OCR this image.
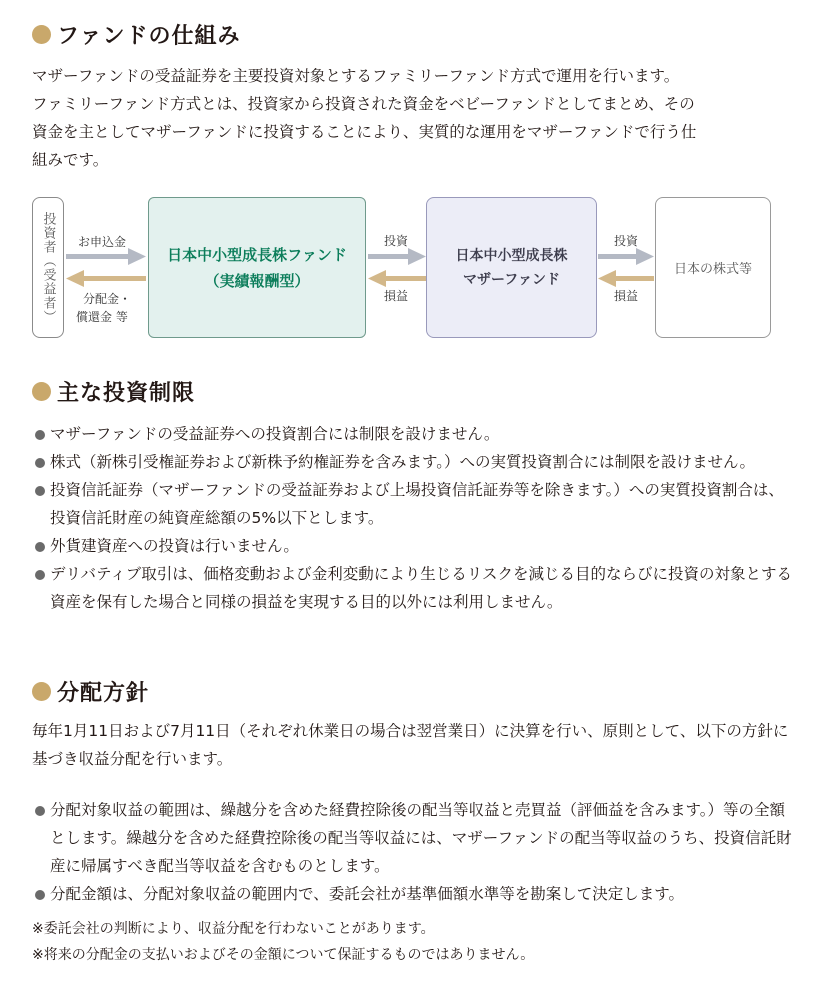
ファンドの仕組み
マザーファンドの受益証券を主要投資対象とするファミリーファンド方式で運用を行います。
ファミリーファンド方式とは、投資家から投資された資金をベビーファンドとしてまとめ、その
資金を主としてマザーファンドに投資することにより、実質的な運用をマザーファンドで行う仕
組みです。
投資者（受益者）	日本中小型成長株ファンド
（実績報酬型）
日本中小型成長株
マザーファンド
日本の株式等
お申込金
分配金・
償還金 等
投資
損益
投資
損益
主な投資制限
マザーファンドの受益証券への投資割合には制限を設けません。
株式（新株引受権証券および新株予約権証券を含みます。）への実質投資割合には制限を設けません。
投資信託証券（マザーファンドの受益証券および上場投資信託証券等を除きます。）への実質投資割合は、投資信託財産の純資産総額の5%以下とします。
外貨建資産への投資は行いません。
デリバティブ取引は、価格変動および金利変動により生じるリスクを減じる目的ならびに投資の対象とする資産を保有した場合と同様の損益を実現する目的以外には利用しません。
分配方針
毎年1月11日および7月11日（それぞれ休業日の場合は翌営業日）に決算を行い、原則として、以下の方針に基づき収益分配を行います。
分配対象収益の範囲は、繰越分を含めた経費控除後の配当等収益と売買益（評価益を含みます。）等の全額とします。繰越分を含めた経費控除後の配当等収益には、マザーファンドの配当等収益のうち、投資信託財産に帰属すべき配当等収益を含むものとします。
分配金額は、分配対象収益の範囲内で、委託会社が基準価額水準等を勘案して決定します。
※委託会社の判断により、収益分配を行わないことがあります。
※将来の分配金の支払いおよびその金額について保証するものではありません。
